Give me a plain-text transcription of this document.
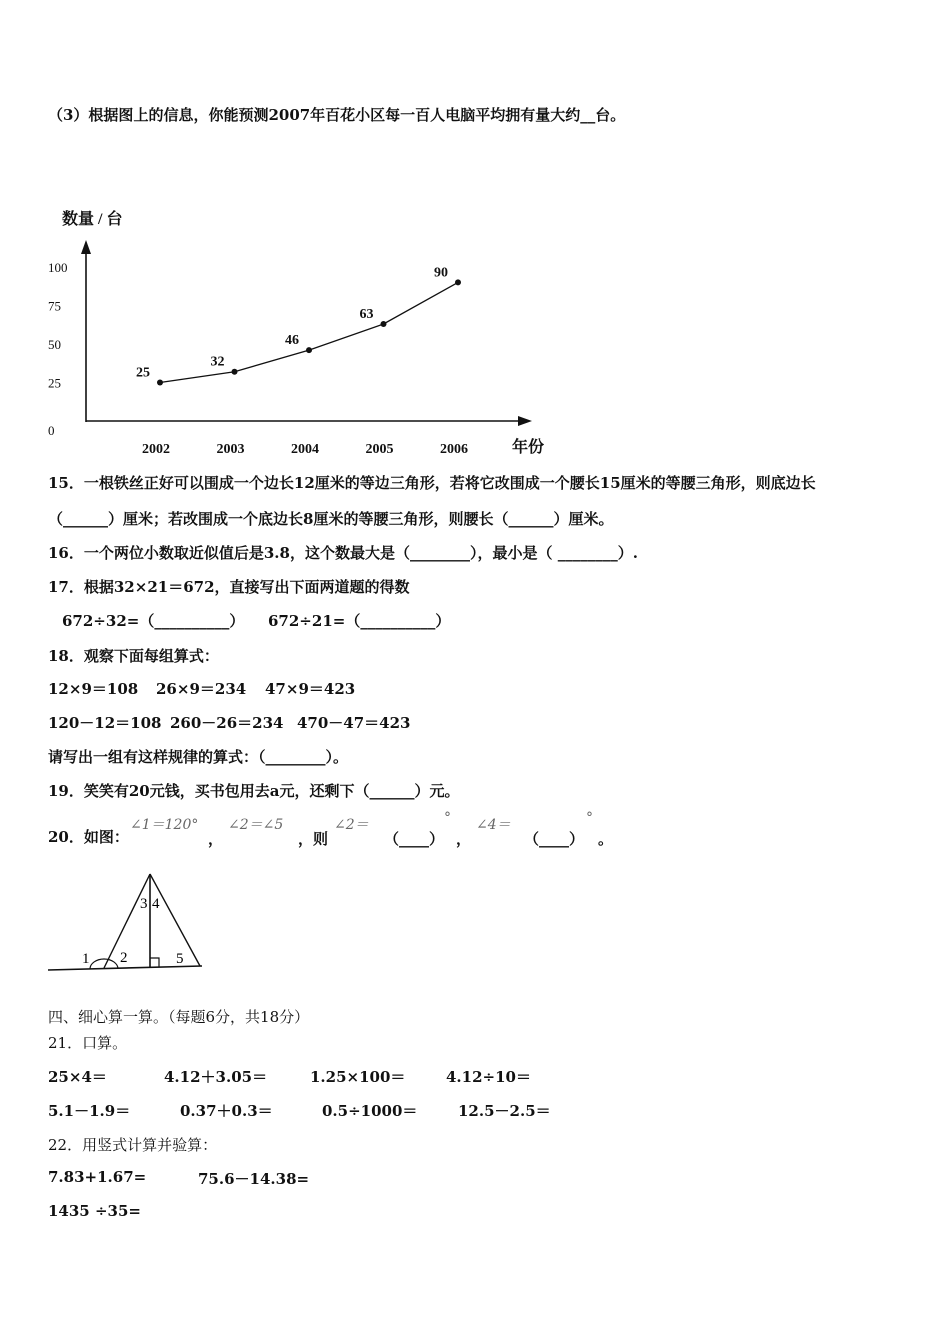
（3）根据图上的信息，你能预测2007年百花小区每一百人电脑平均拥有量大约__台。
数量 / 台
年份
0
25
50
75
100
2002	2003	2004	2005	2006
25
32
46
63
90
15．一根铁丝正好可以围成一个边长12厘米的等边三角形，若将它改围成一个腰长15厘米的等腰三角形，则底边长
（______）厘米；若改围成一个底边长8厘米的等腰三角形，则腰长（______）厘米。
16．一个两位小数取近似值后是3.8，这个数最大是（________），最小是（ ________）.
17．根据32×21＝672，直接写出下面两道题的得数
672÷32=（__________） 672÷21=（__________）
18．观察下面每组算式：
12×9＝108 26×9＝234 47×9＝423
120－12＝108 260－26＝234 470－47＝423
请写出一组有这样规律的算式：（________）。
19．笑笑有20元钱，买书包用去a元，还剩下（______）元。
20．如图：
∠1＝120°
，
∠2＝∠5
，则
∠2＝
（____）
°
，
∠4＝
（____）
°
。
1 2
3 4
5
四、细心算一算。（每题6分，共18分）
21．口算。
25×4＝	4.12＋3.05＝	1.25×100＝	4.12÷10＝
5.1－1.9＝	0.37＋0.3＝	0.5÷1000＝	12.5－2.5＝
22．用竖式计算并验算：
7.83+1.67=	75.6－14.38=
1435 ÷35=
